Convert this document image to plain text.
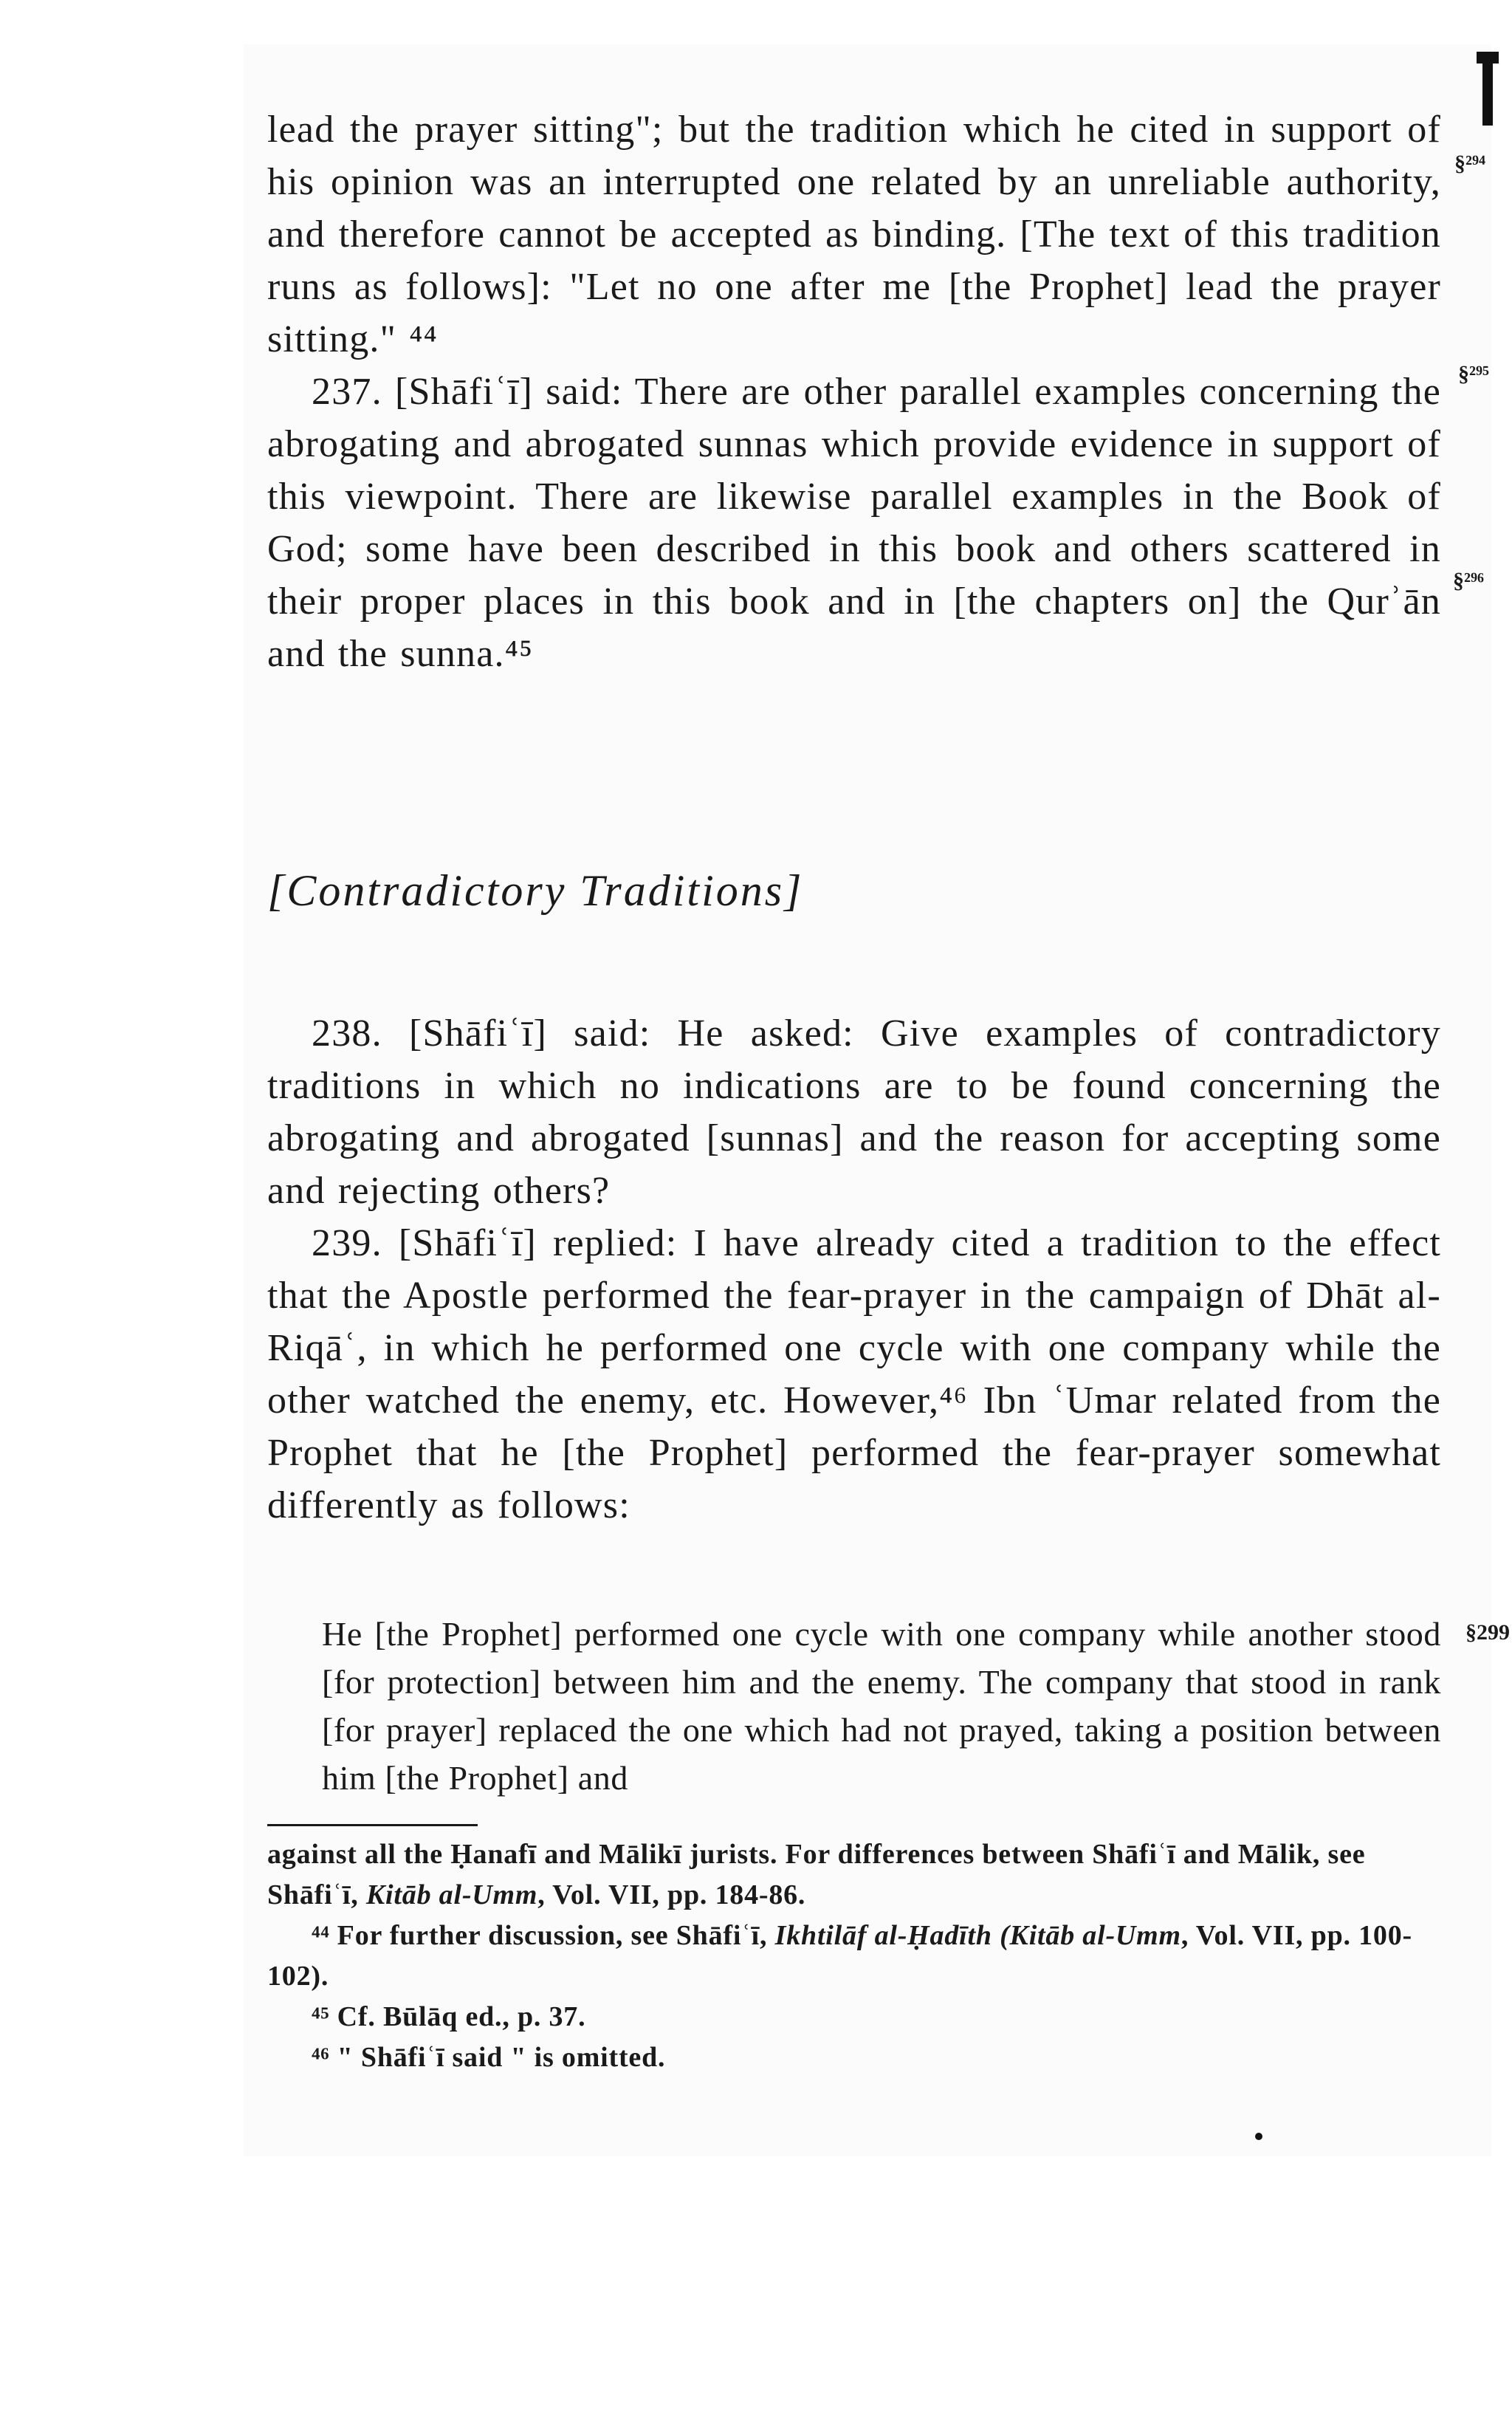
lead the prayer sitting"; but the tradition which he cited in support of his opinion was an interrupted one related by an unreliable authority, and therefore cannot be accepted as binding. [The text of this tradition runs as follows]: "Let no one after me [the Prophet] lead the prayer sitting." ⁴⁴

237. [Shāfiʿī] said: There are other parallel examples concerning the abrogating and abrogated sunnas which provide evidence in support of this viewpoint. There are likewise parallel examples in the Book of God; some have been described in this book and others scattered in their proper places in this book and in [the chapters on] the Qurʾān and the sunna.⁴⁵

[Contradictory Traditions]

238. [Shāfiʿī] said: He asked: Give examples of contradictory traditions in which no indications are to be found concerning the abrogating and abrogated [sunnas] and the reason for accepting some and rejecting others?

239. [Shāfiʿī] replied: I have already cited a tradition to the effect that the Apostle performed the fear-prayer in the campaign of Dhāt al-Riqāʿ, in which he performed one cycle with one company while the other watched the enemy, etc. However,⁴⁶ Ibn ʿUmar related from the Prophet that he [the Prophet] performed the fear-prayer somewhat differently as follows:

He [the Prophet] performed one cycle with one company while another stood [for protection] between him and the enemy. The company that stood in rank [for prayer] replaced the one which had not prayed, taking a position between him [the Prophet] and

against all the Ḥanafī and Mālikī jurists. For differences between Shāfiʿī and Mālik, see Shāfiʿī, Kitāb al-Umm, Vol. VII, pp. 184-86.

⁴⁴ For further discussion, see Shāfiʿī, Ikhtilāf al-Ḥadīth (Kitāb al-Umm, Vol. VII, pp. 100-102).

⁴⁵ Cf. Būlāq ed., p. 37.

⁴⁶ " Shāfiʿī said " is omitted.

§²⁹⁴
§²⁹⁵
§²⁹⁶
§299
